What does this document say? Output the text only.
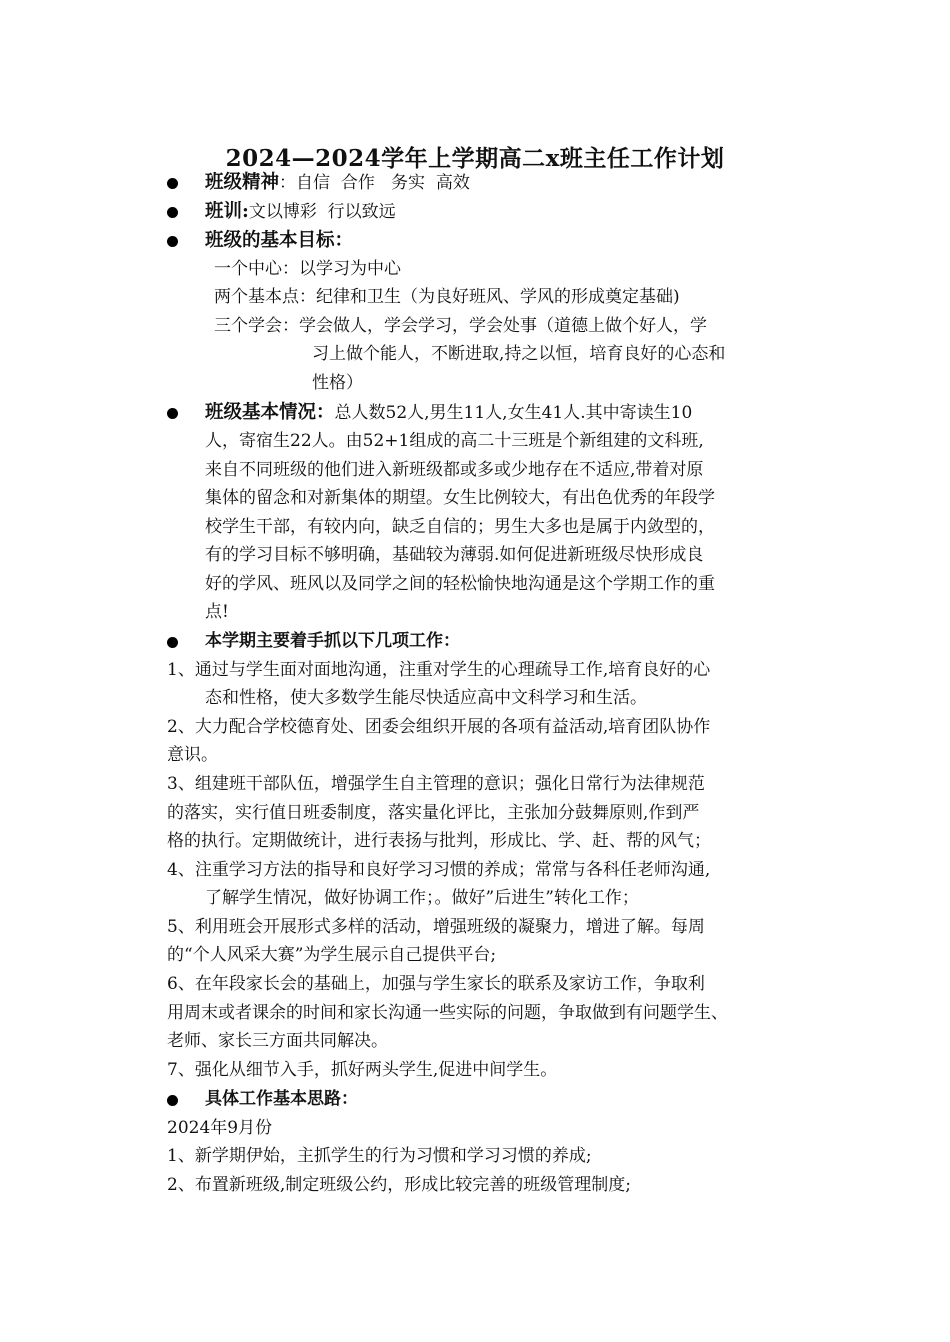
2024—2024学年上学期高二x班主任工作计划
班级精神：自信  合作   务实  高效
班训:文以博彩  行以致远
班级的基本目标：
一个中心：以学习为中心
两个基本点：纪律和卫生（为良好班风、学风的形成奠定基础)
三个学会：学会做人，学会学习，学会处事（道德上做个好人，学
习上做个能人，不断进取,持之以恒，培育良好的心态和
性格）
班级基本情况：总人数52人,男生11人,女生41人.其中寄读生10
人，寄宿生22人。由52+1组成的高二十三班是个新组建的文科班,
来自不同班级的他们进入新班级都或多或少地存在不适应,带着对原
集体的留念和对新集体的期望。女生比例较大，有出色优秀的年段学
校学生干部，有较内向，缺乏自信的；男生大多也是属于内敛型的，
有的学习目标不够明确，基础较为薄弱.如何促进新班级尽快形成良
好的学风、班风以及同学之间的轻松愉快地沟通是这个学期工作的重
点!
本学期主要着手抓以下几项工作：
1、通过与学生面对面地沟通，注重对学生的心理疏导工作,培育良好的心
态和性格，使大多数学生能尽快适应高中文科学习和生活。
2、大力配合学校德育处、团委会组织开展的各项有益活动,培育团队协作
意识。
3、组建班干部队伍，增强学生自主管理的意识；强化日常行为法律规范
的落实，实行值日班委制度，落实量化评比，主张加分鼓舞原则,作到严
格的执行。定期做统计，进行表扬与批判，形成比、学、赶、帮的风气；
4、注重学习方法的指导和良好学习习惯的养成；常常与各科任老师沟通,
了解学生情况，做好协调工作；。做好”后进生”转化工作；
5、利用班会开展形式多样的活动，增强班级的凝聚力，增进了解。每周
的“个人风采大赛”为学生展示自己提供平台;
6、在年段家长会的基础上，加强与学生家长的联系及家访工作，争取利
用周末或者课余的时间和家长沟通一些实际的问题，争取做到有问题学生、
老师、家长三方面共同解决。
7、强化从细节入手，抓好两头学生,促进中间学生。
具体工作基本思路：
2024年9月份
1、新学期伊始，主抓学生的行为习惯和学习习惯的养成;
2、布置新班级,制定班级公约，形成比较完善的班级管理制度;
